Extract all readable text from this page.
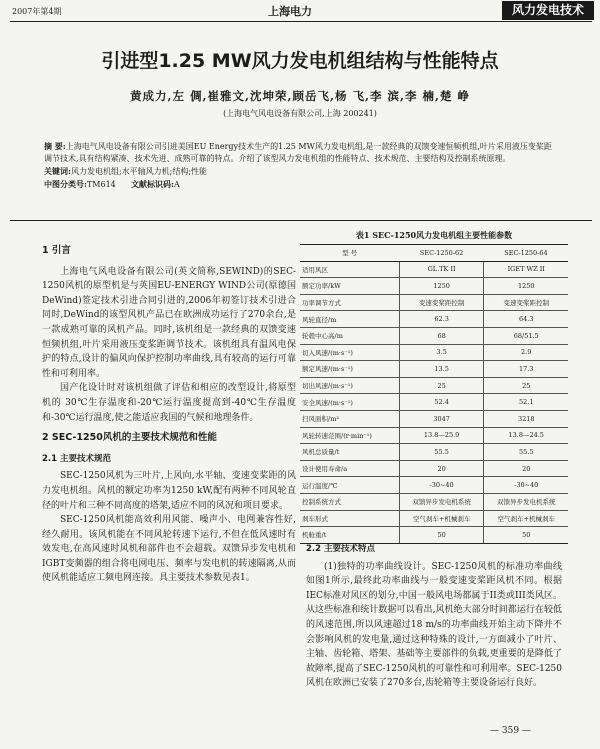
2007年第4期	上海电力	风力发电技术
引进型1.25 MW风力发电机组结构与性能特点
黄成力,左 倜,崔雅文,沈坤荣,顾岳飞,杨 飞,李 滨,李 楠,楚 峥
(上海电气风电设备有限公司,上海 200241)

摘 要:上海电气风电设备有限公司引进美国EU Energy技术生产的1.25 MW风力发电机组,是一款经典的双馈变速恒频机组,叶片采用液压变桨距调节技术,具有结构紧凑、技术先进、成熟可靠的特点。介绍了该型风力发电机组的性能特点、技术规范、主要结构及控制系统原理。

关键词:风力发电机组;水平轴风力机;结构;性能

中图分类号:TM614 文献标识码:A

1 引言

上海电气风电设备有限公司(英文简称,SEWIND)的SEC-1250风机的原型机是与英国EU-ENERGY WIND公司(原德国DeWind)签定技术引进合同引进的,2006年初签订技术引进合同时,DeWind的该型风机产品已在欧洲成功运行了270余台,是一款成熟可靠的风机产品。同时,该机组是一款经典的双馈变速恒频机组,叶片采用液压变桨距调节技术。该机组具有温风电保护的特点,设计的偏风向保护控制功率曲线,具有较高的运行可靠性和可利用率。

国产化设计时对该机组做了评估和相应的改型设计,将原型机的 30℃生存温度和-20℃运行温度提高到-40℃生存温度和-30℃运行温度,使之能适应我国的气候和地理条件。

2 SEC-1250风机的主要技术规范和性能
2.1 主要技术规范

SEC-1250风机为三叶片,上风向,水平轴、变速变桨距的风力发电机组。风机的额定功率为1250 kW,配有两种不同风轮直径的叶片和三种不同高度的塔架,适应不同的风况和项目要求。

SEC-1250风机能高效利用风能、噪声小、电网兼容性好,经久耐用。该风机能在不同风轮转速下运行,不但在低风速时有效发电,在高风速时风机和部件也不会超载。双馈异步发电机和IGBT变频器的组合将电网电压、频率与发电机的转速隔离,从而使风机能适应工频电网连接。具主要技术参数见表1。

表1 SEC-1250风力发电机组主要性能参数
型 号	SEC-1250-62	SEC-1250-64
适用风区	GL.TK II	IGET WZ II
额定功率/kW	1250	1250
功率调节方式	变速变桨距控制	变速变桨距控制
风轮直径/m	62.3	64.3
轮毂中心高/m	68	68/51.5
切入风速/(m·s⁻¹)	3.5	2.9
额定风速/(m·s⁻¹)	13.5	17.3
切出风速/(m·s⁻¹)	25	25
安全风速/(m·s⁻¹)	52.4	52.1
扫风面积/m²	3047	3218
风轮转速范围/(r·min⁻¹)	13.8—25.9	13.8—24.5
风机总质量/t	55.5	55.5
设计使用寿命/a	20	20
运行温度/℃	-30~40	-30~40
控制系统方式	双馈异步发电机系统	双馈异步发电机系统
刹车形式	空气刹车+机械刹车	空气刹车+机械刹车
机舱重/t	50	50
2.2 主要技术特点

(1)独特的功率曲线设计。SEC-1250风机的标准功率曲线如图1所示,最终此功率曲线与一般变速变桨距风机不同。根据IEC标准对风区的划分,中国一般风电场都属于II类或III类风区。从这些标准和统计数据可以看出,风机绝大部分时间都运行在较低的风速范围,所以风速超过18 m/s的功率曲线开始主动下降并不会影响风机的发电量,通过这种特殊的设计,一方面减小了叶片、主轴、齿轮箱、塔架、基础等主要部件的负载,更重要的是降低了故障率,提高了SEC-1250风机的可靠性和可利用率。SEC-1250风机在欧洲已安装了270多台,齿轮箱等主要设备运行良好。

— 359 —
